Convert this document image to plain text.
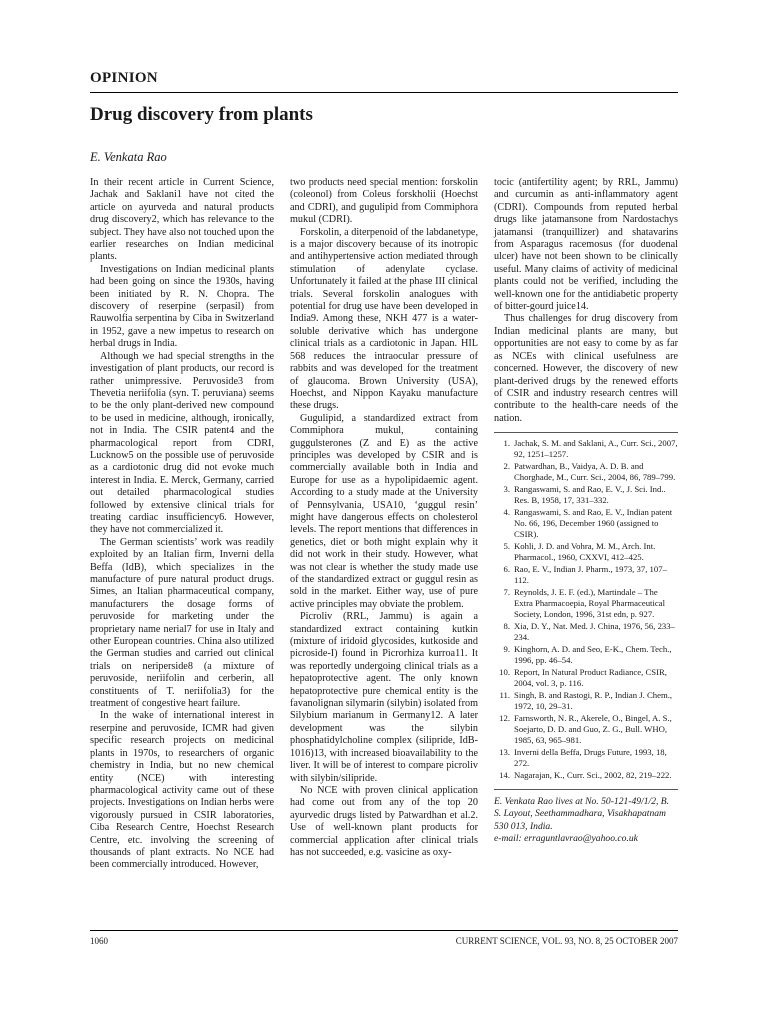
OPINION
Drug discovery from plants
E. Venkata Rao

In their recent article in Current Science, Jachak and Saklani1 have not cited the article on ayurveda and natural products drug discovery2, which has relevance to the subject. They have also not touched upon the earlier researches on Indian medicinal plants.

Investigations on Indian medicinal plants had been going on since the 1930s, having been initiated by R. N. Chopra. The discovery of reserpine (serpasil) from Rauwolfia serpentina by Ciba in Switzerland in 1952, gave a new impetus to research on herbal drugs in India.

Although we had special strengths in the investigation of plant products, our record is rather unimpressive. Peruvoside3 from Thevetia neriifolia (syn. T. peruviana) seems to be the only plant-derived new compound to be used in medicine, although, ironically, not in India. The CSIR patent4 and the pharmacological report from CDRI, Lucknow5 on the possible use of peruvoside as a cardiotonic drug did not evoke much interest in India. E. Merck, Germany, carried out detailed pharmacological studies followed by extensive clinical trials for treating cardiac insufficiency6. However, they have not commercialized it.

The German scientists’ work was readily exploited by an Italian firm, Inverni della Beffa (IdB), which specializes in the manufacture of pure natural product drugs. Simes, an Italian pharmaceutical company, manufacturers the dosage forms of peruvoside for marketing under the proprietary name nerial7 for use in Italy and other European countries. China also utilized the German studies and carried out clinical trials on neriperside8 (a mixture of peruvoside, neriifolin and cerberin, all constituents of T. neriifolia3) for the treatment of congestive heart failure.

In the wake of international interest in reserpine and peruvoside, ICMR had given specific research projects on medicinal plants in 1970s, to researchers of organic chemistry in India, but no new chemical entity (NCE) with interesting pharmacological activity came out of these projects. Investigations on Indian herbs were vigorously pursued in CSIR laboratories, Ciba Research Centre, Hoechst Research Centre, etc. involving the screening of thousands of plant extracts. No NCE had been commercially introduced. However,

two products need special mention: forskolin (coleonol) from Coleus forskholii (Hoechst and CDRI), and gugulipid from Commiphora mukul (CDRI).

Forskolin, a diterpenoid of the labdanetype, is a major discovery because of its inotropic and antihypertensive action mediated through stimulation of adenylate cyclase. Unfortunately it failed at the phase III clinical trials. Several forskolin analogues with potential for drug use have been developed in India9. Among these, NKH 477 is a water-soluble derivative which has undergone clinical trials as a cardiotonic in Japan. HIL 568 reduces the intraocular pressure of rabbits and was developed for the treatment of glaucoma. Brown University (USA), Hoechst, and Nippon Kayaku manufacture these drugs.

Gugulipid, a standardized extract from Commiphora mukul, containing guggulsterones (Z and E) as the active principles was developed by CSIR and is commercially available both in India and Europe for use as a hypolipidaemic agent. According to a study made at the University of Pennsylvania, USA10, ‘guggul resin’ might have dangerous effects on cholesterol levels. The report mentions that differences in genetics, diet or both might explain why it did not work in their study. However, what was not clear is whether the study made use of the standardized extract or guggul resin as sold in the market. Either way, use of pure active principles may obviate the problem.

Picroliv (RRL, Jammu) is again a standardized extract containing kutkin (mixture of iridoid glycosides, kutkoside and picroside-I) found in Picrorhiza kurroa11. It was reportedly undergoing clinical trials as a hepatoprotective agent. The only known hepatoprotective pure chemical entity is the favanolignan silymarin (silybin) isolated from Silybium marianum in Germany12. A later development was the silybin phosphatidylcholine complex (silipride, IdB-1016)13, with increased bioavailability to the liver. It will be of interest to compare picroliv with silybin/silipride.

No NCE with proven clinical application had come out from any of the top 20 ayurvedic drugs listed by Patwardhan et al.2. Use of well-known plant products for commercial application after clinical trials has not succeeded, e.g. vasicine as oxy-

tocic (antifertility agent; by RRL, Jammu) and curcumin as anti-inflammatory agent (CDRI). Compounds from reputed herbal drugs like jatamansone from Nardostachys jatamansi (tranquillizer) and shatavarins from Asparagus racemosus (for duodenal ulcer) have not been shown to be clinically useful. Many claims of activity of medicinal plants could not be verified, including the well-known one for the antidiabetic property of bitter-gourd juice14.

Thus challenges for drug discovery from Indian medicinal plants are many, but opportunities are not easy to come by as far as NCEs with clinical usefulness are concerned. However, the discovery of new plant-derived drugs by the renewed efforts of CSIR and industry research centres will contribute to the health-care needs of the nation.

1. Jachak, S. M. and Saklani, A., Curr. Sci., 2007, 92, 1251–1257.
2. Patwardhan, B., Vaidya, A. D. B. and Chorghade, M., Curr. Sci., 2004, 86, 789–799.
3. Rangaswami, S. and Rao, E. V., J. Sci. Ind.. Res. B, 1958, 17, 331–332.
4. Rangaswami, S. and Rao, E. V., Indian patent No. 66, 196, December 1960 (assigned to CSIR).
5. Kohli, J. D. and Vohra, M. M., Arch. Int. Pharmacol., 1960, CXXVI, 412–425.
6. Rao, E. V., Indian J. Pharm., 1973, 37, 107–112.
7. Reynolds, J. E. F. (ed.), Martindale – The Extra Pharmacoepia, Royal Pharmaceutical Society, London, 1996, 31st edn, p. 927.
8. Xia, D. Y., Nat. Med. J. China, 1976, 56, 233–234.
9. Kinghorn, A. D. and Seo, E-K., Chem. Tech., 1996, pp. 46–54.
10. Report, In Natural Product Radiance, CSIR, 2004, vol. 3, p. 116.
11. Singh, B. and Rastogi, R. P., Indian J. Chem., 1972, 10, 29–31.
12. Farnsworth, N. R., Akerele, O., Bingel, A. S., Soejarto, D. D. and Guo, Z. G., Bull. WHO, 1985, 63, 965–981.
13. Inverni della Beffa, Drugs Future, 1993, 18, 272.
14. Nagarajan, K., Curr. Sci., 2002, 82, 219–222.
E. Venkata Rao lives at No. 50-121-49/1/2, B. S. Layout, Seethammadhara, Visakhapatnam 530 013, India.
e-mail: erraguntlavrao@yahoo.co.uk
1060	CURRENT SCIENCE, VOL. 93, NO. 8, 25 OCTOBER 2007
